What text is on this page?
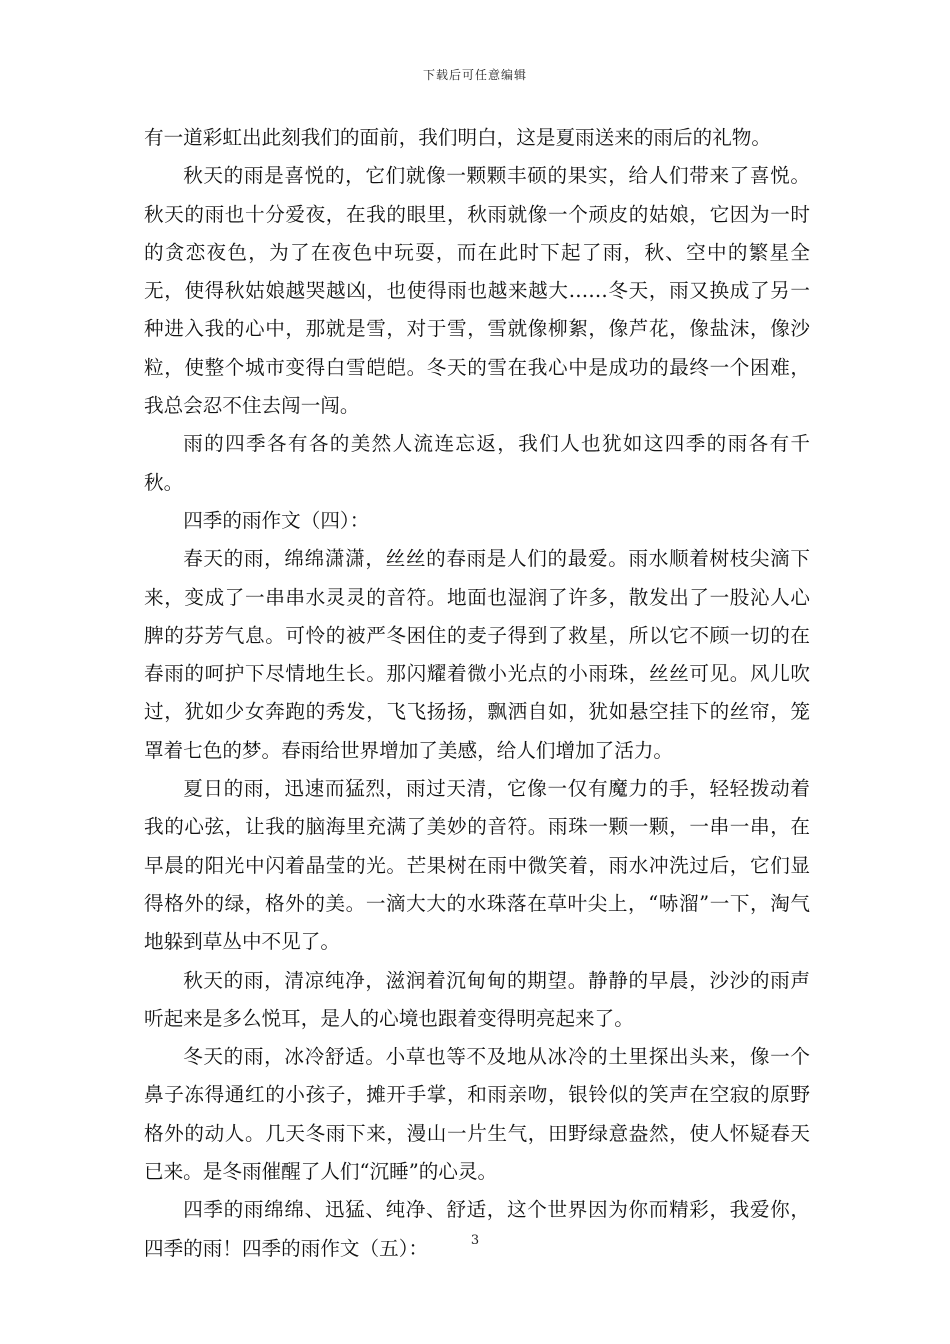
下载后可任意编辑

有一道彩虹出此刻我们的面前，我们明白，这是夏雨送来的雨后的礼物。

秋天的雨是喜悦的，它们就像一颗颗丰硕的果实，给人们带来了喜悦。秋天的雨也十分爱夜，在我的眼里，秋雨就像一个顽皮的姑娘，它因为一时的贪恋夜色，为了在夜色中玩耍，而在此时下起了雨，秋、空中的繁星全无，使得秋姑娘越哭越凶，也使得雨也越来越大……冬天，雨又换成了另一种进入我的心中，那就是雪，对于雪，雪就像柳絮，像芦花，像盐沫，像沙粒，使整个城市变得白雪皑皑。冬天的雪在我心中是成功的最终一个困难，我总会忍不住去闯一闯。

雨的四季各有各的美然人流连忘返，我们人也犹如这四季的雨各有千秋。

四季的雨作文（四）：

春天的雨，绵绵潇潇，丝丝的春雨是人们的最爱。雨水顺着树枝尖滴下来，变成了一串串水灵灵的音符。地面也湿润了许多，散发出了一股沁人心脾的芬芳气息。可怜的被严冬困住的麦子得到了救星，所以它不顾一切的在春雨的呵护下尽情地生长。那闪耀着微小光点的小雨珠，丝丝可见。风儿吹过，犹如少女奔跑的秀发，飞飞扬扬，飘洒自如，犹如悬空挂下的丝帘，笼罩着七色的梦。春雨给世界增加了美感，给人们增加了活力。

夏日的雨，迅速而猛烈，雨过天清，它像一仅有魔力的手，轻轻拨动着我的心弦，让我的脑海里充满了美妙的音符。雨珠一颗一颗，一串一串，在早晨的阳光中闪着晶莹的光。芒果树在雨中微笑着，雨水冲洗过后，它们显得格外的绿，格外的美。一滴大大的水珠落在草叶尖上，“哧溜”一下，淘气地躲到草丛中不见了。

秋天的雨，清凉纯净，滋润着沉甸甸的期望。静静的早晨，沙沙的雨声听起来是多么悦耳，是人的心境也跟着变得明亮起来了。

冬天的雨，冰冷舒适。小草也等不及地从冰冷的土里探出头来，像一个鼻子冻得通红的小孩子，摊开手掌，和雨亲吻，银铃似的笑声在空寂的原野格外的动人。几天冬雨下来，漫山一片生气，田野绿意盎然，使人怀疑春天已来。是冬雨催醒了人们“沉睡”的心灵。

四季的雨绵绵、迅猛、纯净、舒适，这个世界因为你而精彩，我爱你，四季的雨！四季的雨作文（五）：	3
